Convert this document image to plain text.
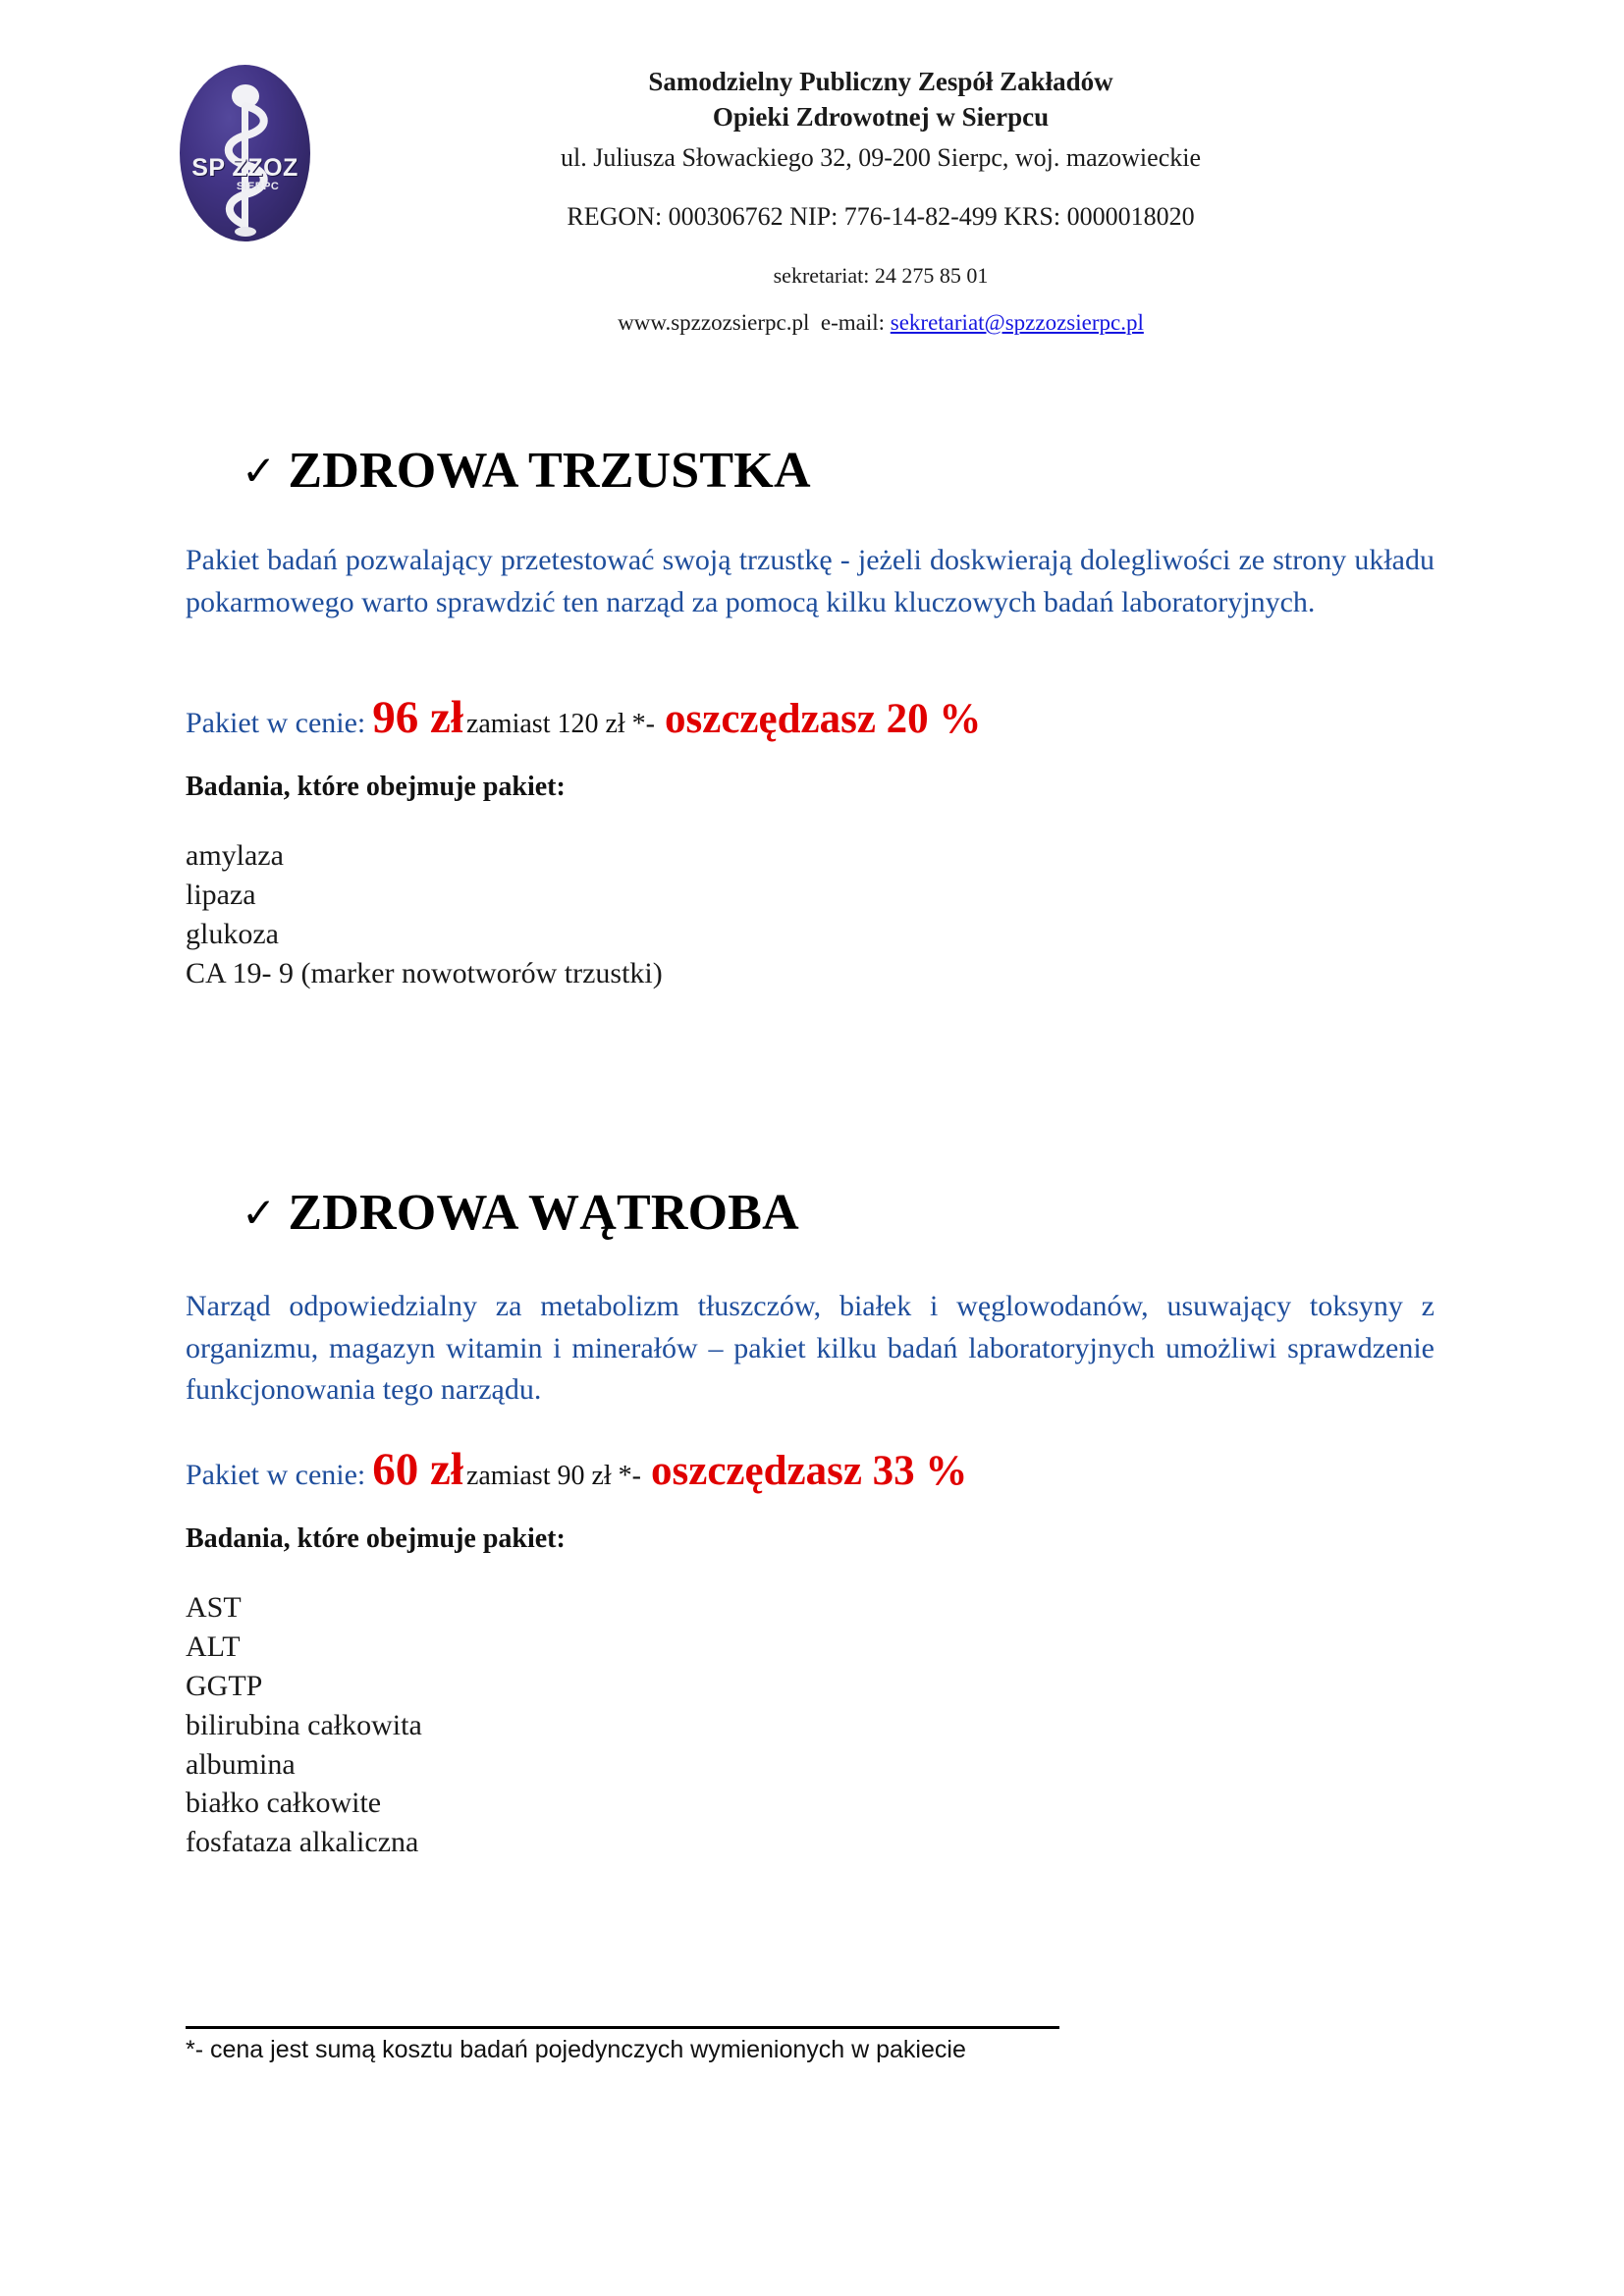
SP ZZOZ
SIERPC
Samodzielny Publiczny Zespół Zakładów
Opieki Zdrowotnej w Sierpcu
ul. Juliusza Słowackiego 32, 09-200 Sierpc, woj. mazowieckie
REGON: 000306762 NIP: 776-14-82-499 KRS: 0000018020
sekretariat: 24 275 85 01
www.spzzozsierpc.pl e-mail: sekretariat@spzzozsierpc.pl
✓ ZDROWA TRZUSTKA
Pakiet badań pozwalający przetestować swoją trzustkę - jeżeli doskwierają dolegliwości ze strony układu pokarmowego warto sprawdzić ten narząd za pomocą kilku kluczowych badań laboratoryjnych.
Pakiet w cenie: 96 zł zamiast 120 zł *- oszczędzasz 20 %
Badania, które obejmuje pakiet:
amylaza
lipaza
glukoza
CA 19- 9 (marker nowotworów trzustki)
✓ ZDROWA WĄTROBA
Narząd odpowiedzialny za metabolizm tłuszczów, białek i węglowodanów, usuwający toksyny z organizmu, magazyn witamin i minerałów – pakiet kilku badań laboratoryjnych umożliwi sprawdzenie funkcjonowania tego narządu.
Pakiet w cenie: 60 zł zamiast 90 zł *- oszczędzasz 33 %
Badania, które obejmuje pakiet:
AST
ALT
GGTP
bilirubina całkowita
albumina
białko całkowite
fosfataza alkaliczna
*- cena jest sumą kosztu badań pojedynczych wymienionych w pakiecie
